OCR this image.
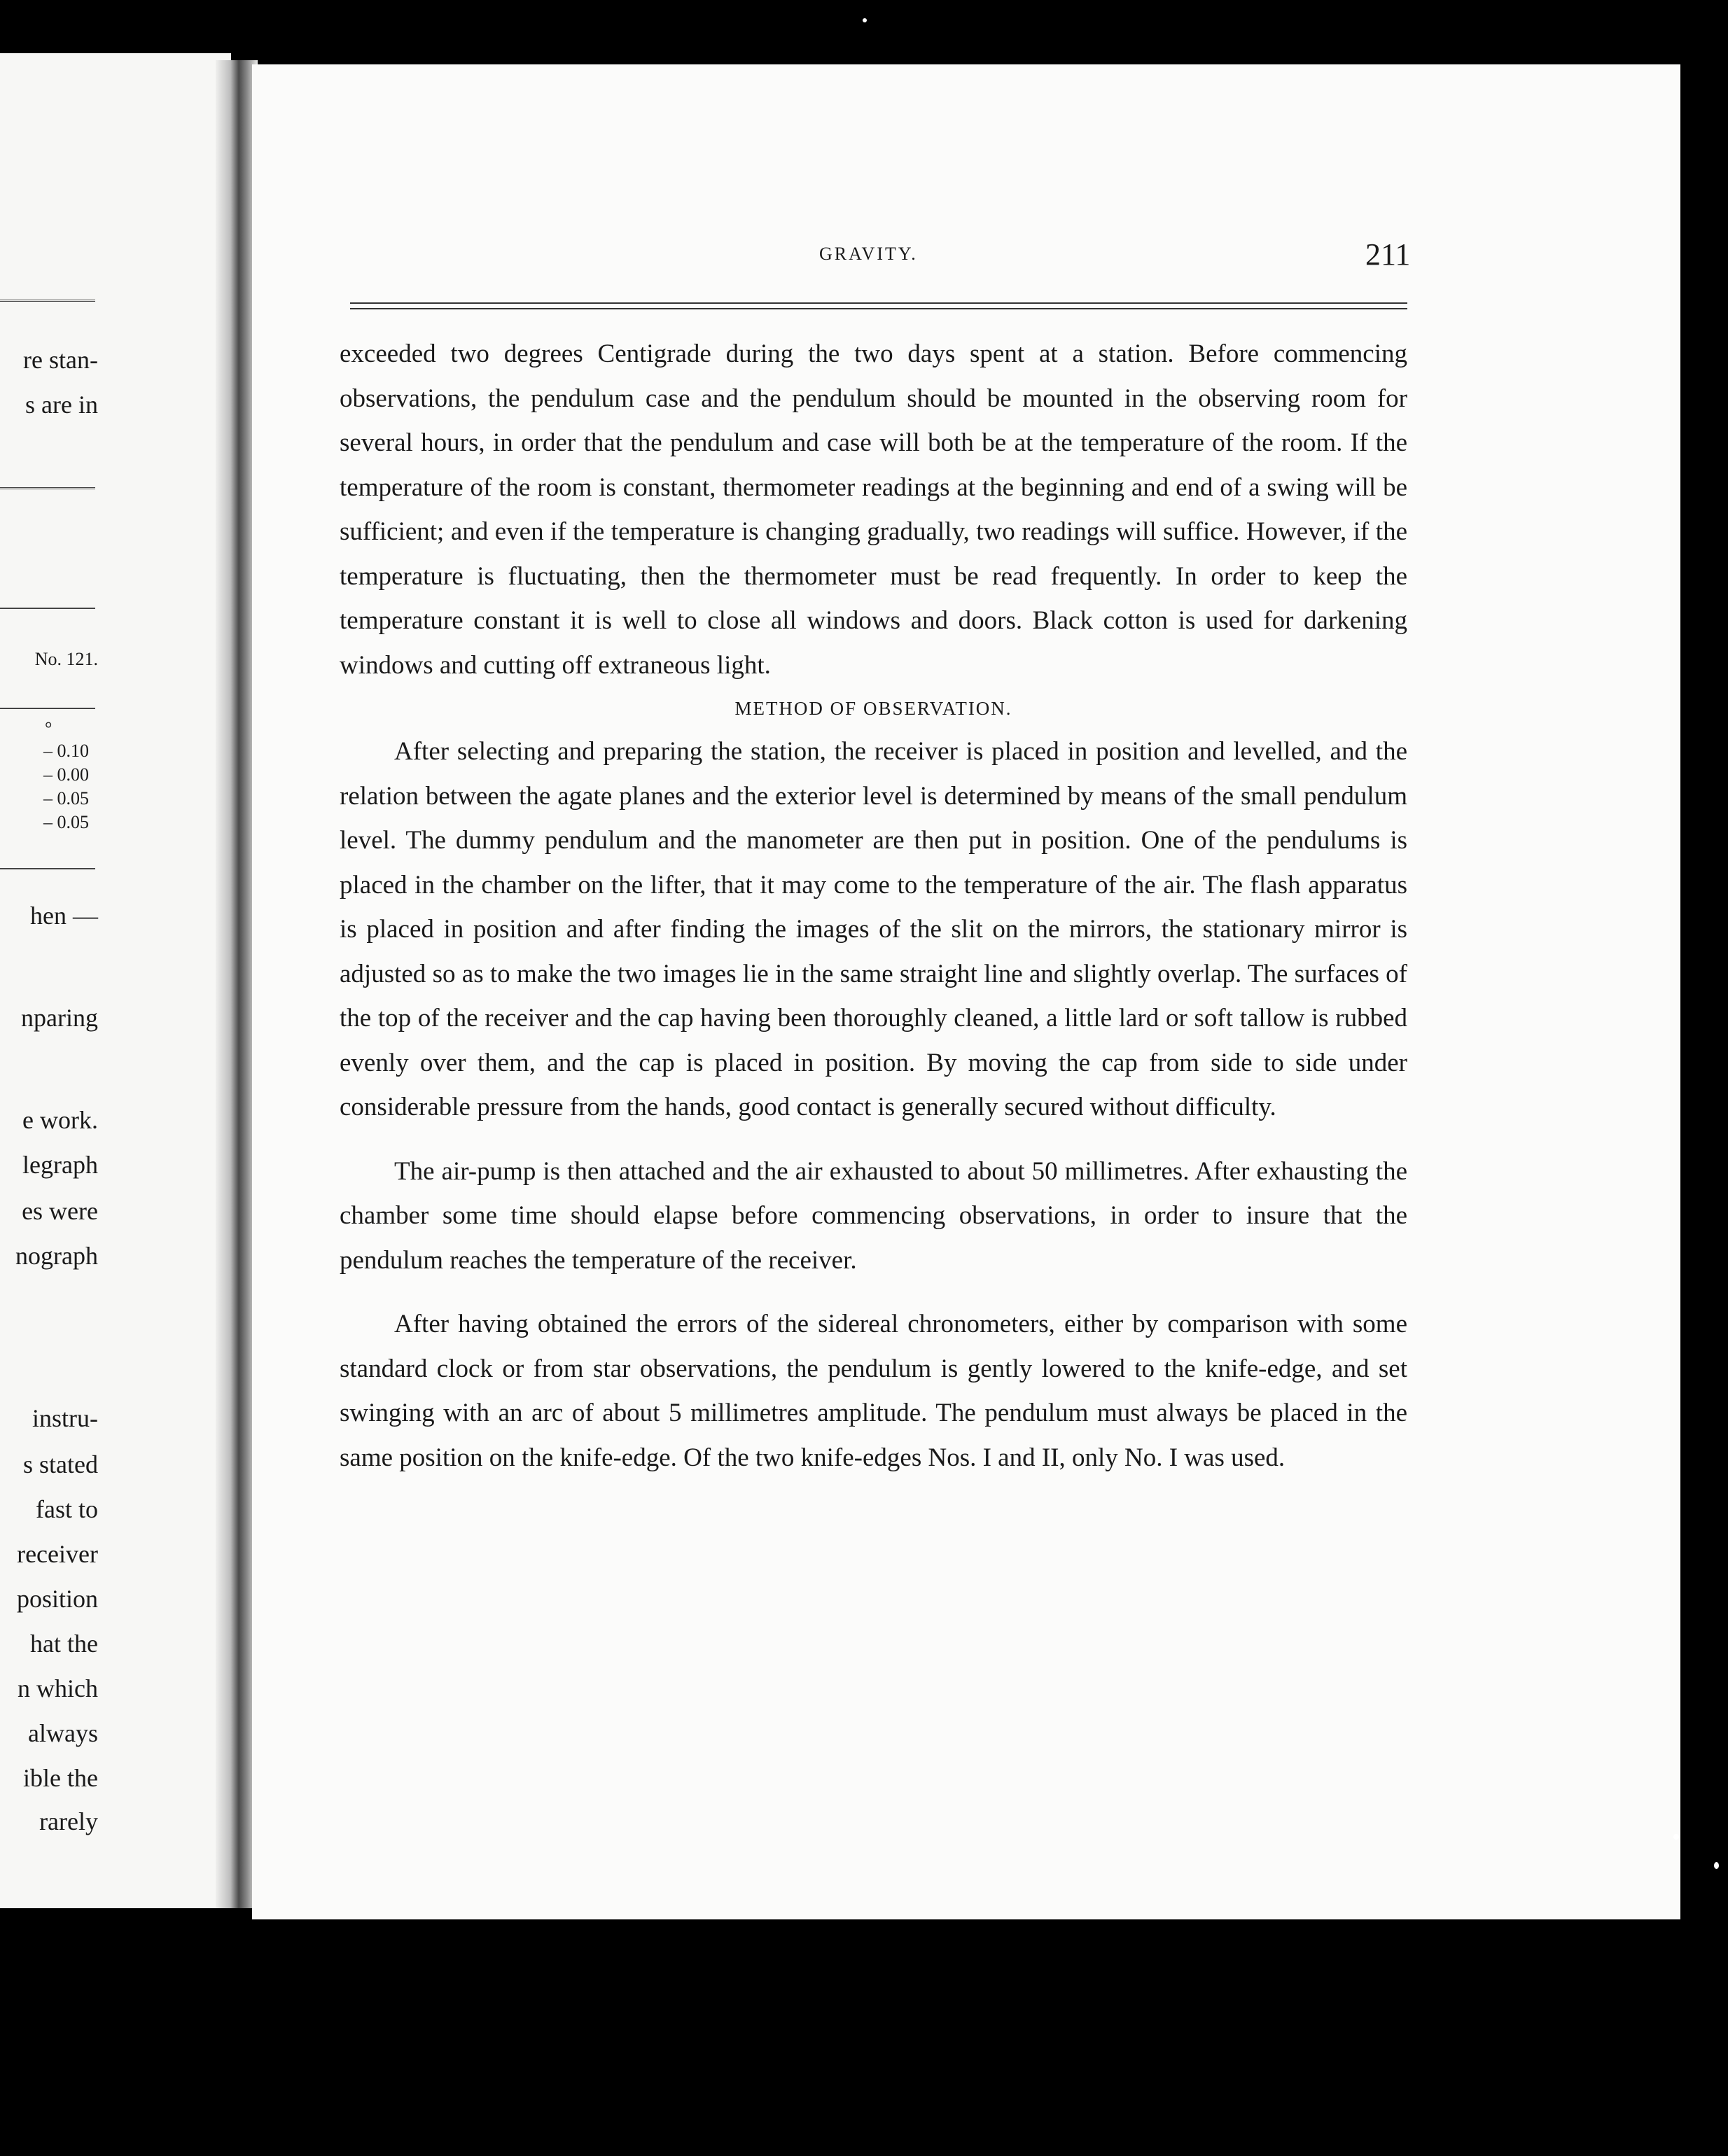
re stan-
s are in
No. 121.
°
– 0.10
– 0.00
– 0.05
– 0.05
hen —
nparing
e work.
legraph
es were
nograph
instru-
s stated
fast to
receiver
position
hat the
n which
always
ible the
rarely
GRAVITY.	211

exceeded two degrees Centigrade during the two days spent at a station. Before commencing observations, the pendulum case and the pendulum should be mounted in the observing room for several hours, in order that the pendulum and case will both be at the temperature of the room. If the temperature of the room is constant, thermometer readings at the beginning and end of a swing will be sufficient; and even if the temperature is changing gradually, two readings will suffice. However, if the temperature is fluctuating, then the thermometer must be read frequently. In order to keep the temperature constant it is well to close all windows and doors. Black cotton is used for darkening windows and cutting off extraneous light.

METHOD OF OBSERVATION.

After selecting and preparing the station, the receiver is placed in position and levelled, and the relation between the agate planes and the exterior level is determined by means of the small pendulum level. The dummy pendulum and the manometer are then put in position. One of the pendulums is placed in the chamber on the lifter, that it may come to the temperature of the air. The flash apparatus is placed in position and after finding the images of the slit on the mirrors, the stationary mirror is adjusted so as to make the two images lie in the same straight line and slightly overlap. The surfaces of the top of the receiver and the cap having been thoroughly cleaned, a little lard or soft tallow is rubbed evenly over them, and the cap is placed in position. By moving the cap from side to side under considerable pressure from the hands, good contact is generally secured without difficulty.

The air-pump is then attached and the air exhausted to about 50 millimetres. After exhausting the chamber some time should elapse before commencing observations, in order to insure that the pendulum reaches the temperature of the receiver.

After having obtained the errors of the sidereal chronometers, either by comparison with some standard clock or from star observations, the pendulum is gently lowered to the knife-edge, and set swinging with an arc of about 5 millimetres amplitude. The pendulum must always be placed in the same position on the knife-edge. Of the two knife-edges Nos. I and II, only No. I was used.
